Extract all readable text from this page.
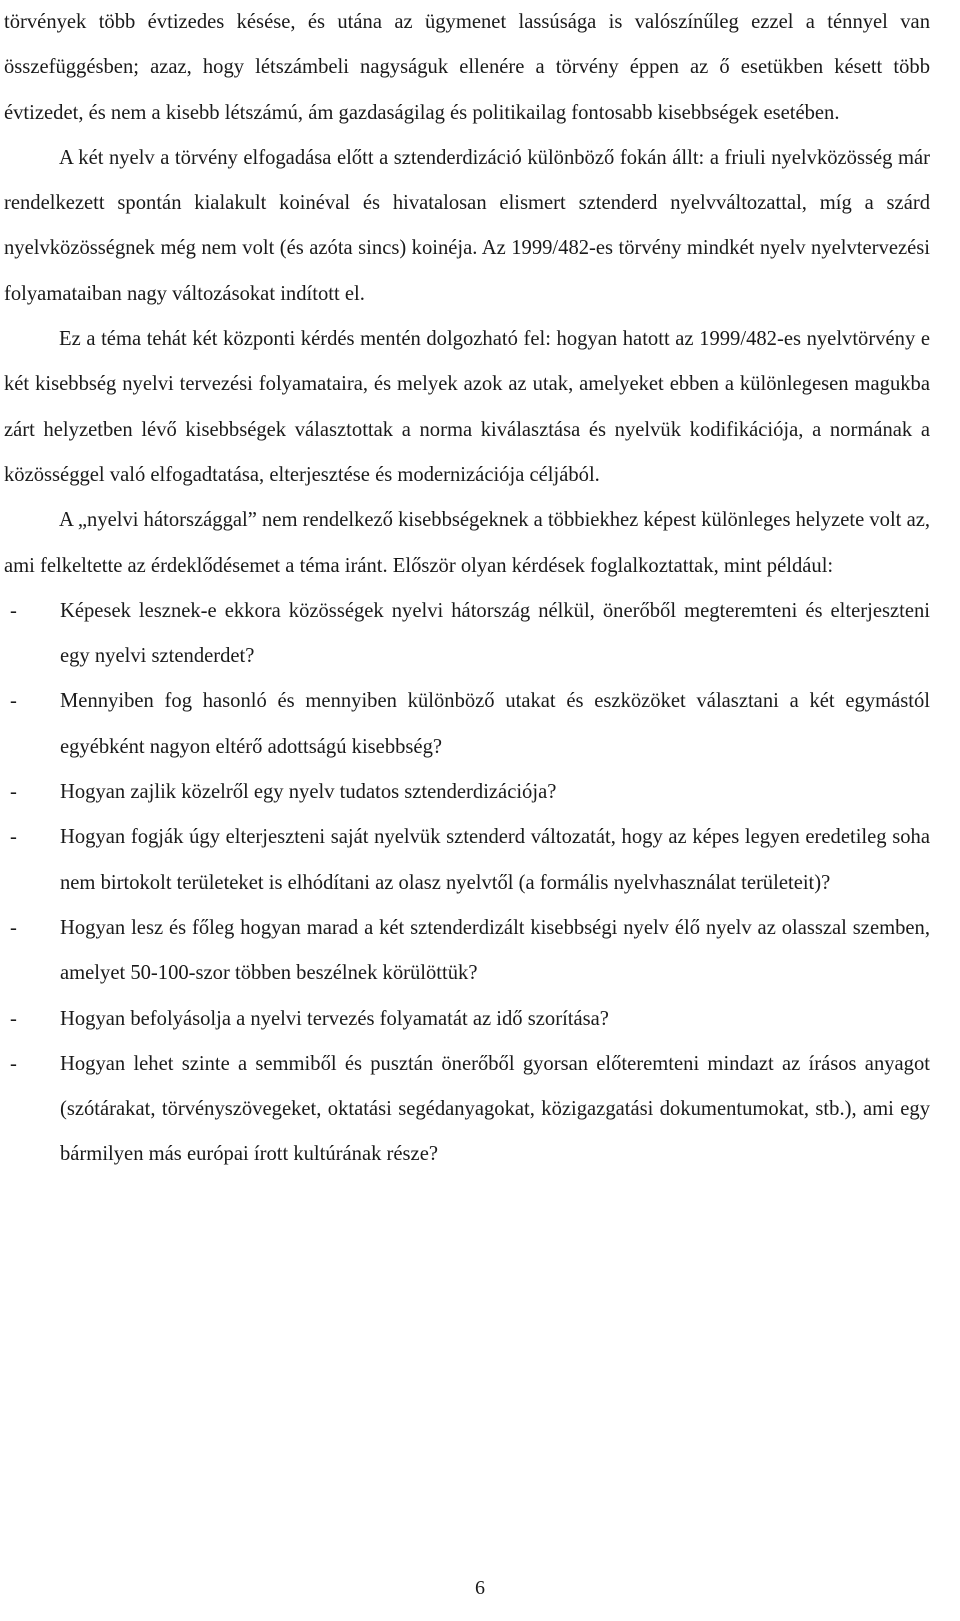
törvények több évtizedes késése, és utána az ügymenet lassúsága is valószínűleg ezzel a ténnyel van összefüggésben; azaz, hogy létszámbeli nagyságuk ellenére a törvény éppen az ő esetükben késett több évtizedet, és nem a kisebb létszámú, ám gazdaságilag és politikailag fontosabb kisebbségek esetében.

A két nyelv a törvény elfogadása előtt a sztenderdizáció különböző fokán állt: a friuli nyelvközösség már rendelkezett spontán kialakult koinéval és hivatalosan elismert sztenderd nyelvváltozattal, míg a szárd nyelvközösségnek még nem volt (és azóta sincs) koinéja. Az 1999/482-es törvény mindkét nyelv nyelvtervezési folyamataiban nagy változásokat indított el.

Ez a téma tehát két központi kérdés mentén dolgozható fel: hogyan hatott az 1999/482-es nyelvtörvény e két kisebbség nyelvi tervezési folyamataira, és melyek azok az utak, amelyeket ebben a különlegesen magukba zárt helyzetben lévő kisebbségek választottak a norma kiválasztása és nyelvük kodifikációja, a normának a közösséggel való elfogadtatása, elterjesztése és modernizációja céljából.

A „nyelvi hátországgal” nem rendelkező kisebbségeknek a többiekhez képest különleges helyzete volt az, ami felkeltette az érdeklődésemet a téma iránt. Először olyan kérdések foglalkoztattak, mint például:

- Képesek lesznek-e ekkora közösségek nyelvi hátország nélkül, önerőből megteremteni és elterjeszteni egy nyelvi sztenderdet?
- Mennyiben fog hasonló és mennyiben különböző utakat és eszközöket választani a két egymástól egyébként nagyon eltérő adottságú kisebbség?
- Hogyan zajlik közelről egy nyelv tudatos sztenderdizációja?
- Hogyan fogják úgy elterjeszteni saját nyelvük sztenderd változatát, hogy az képes legyen eredetileg soha nem birtokolt területeket is elhódítani az olasz nyelvtől (a formális nyelvhasználat területeit)?
- Hogyan lesz és főleg hogyan marad a két sztenderdizált kisebbségi nyelv élő nyelv az olasszal szemben, amelyet 50-100-szor többen beszélnek körülöttük?
- Hogyan befolyásolja a nyelvi tervezés folyamatát az idő szorítása?
- Hogyan lehet szinte a semmiből és pusztán önerőből gyorsan előteremteni mindazt az írásos anyagot (szótárakat, törvényszövegeket, oktatási segédanyagokat, közigazgatási dokumentumokat, stb.), ami egy bármilyen más európai írott kultúrának része?
6
